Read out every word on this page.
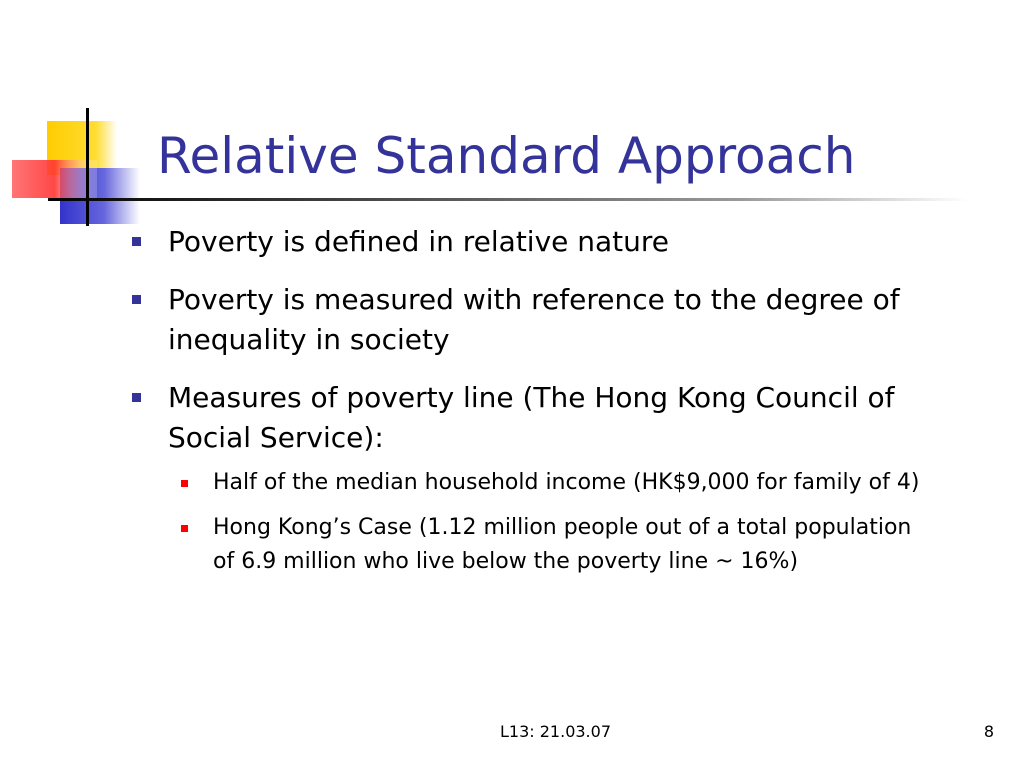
Relative Standard Approach
Poverty is defined in relative nature
Poverty is measured with reference to the degree of inequality in society
Measures of poverty line (The Hong Kong Council of Social Service):
Half of the median household income (HK$9,000 for family of 4)
Hong Kong’s Case (1.12 million people out of a total population of 6.9 million who live below the poverty line ~ 16%)
L13: 21.03.07	8
